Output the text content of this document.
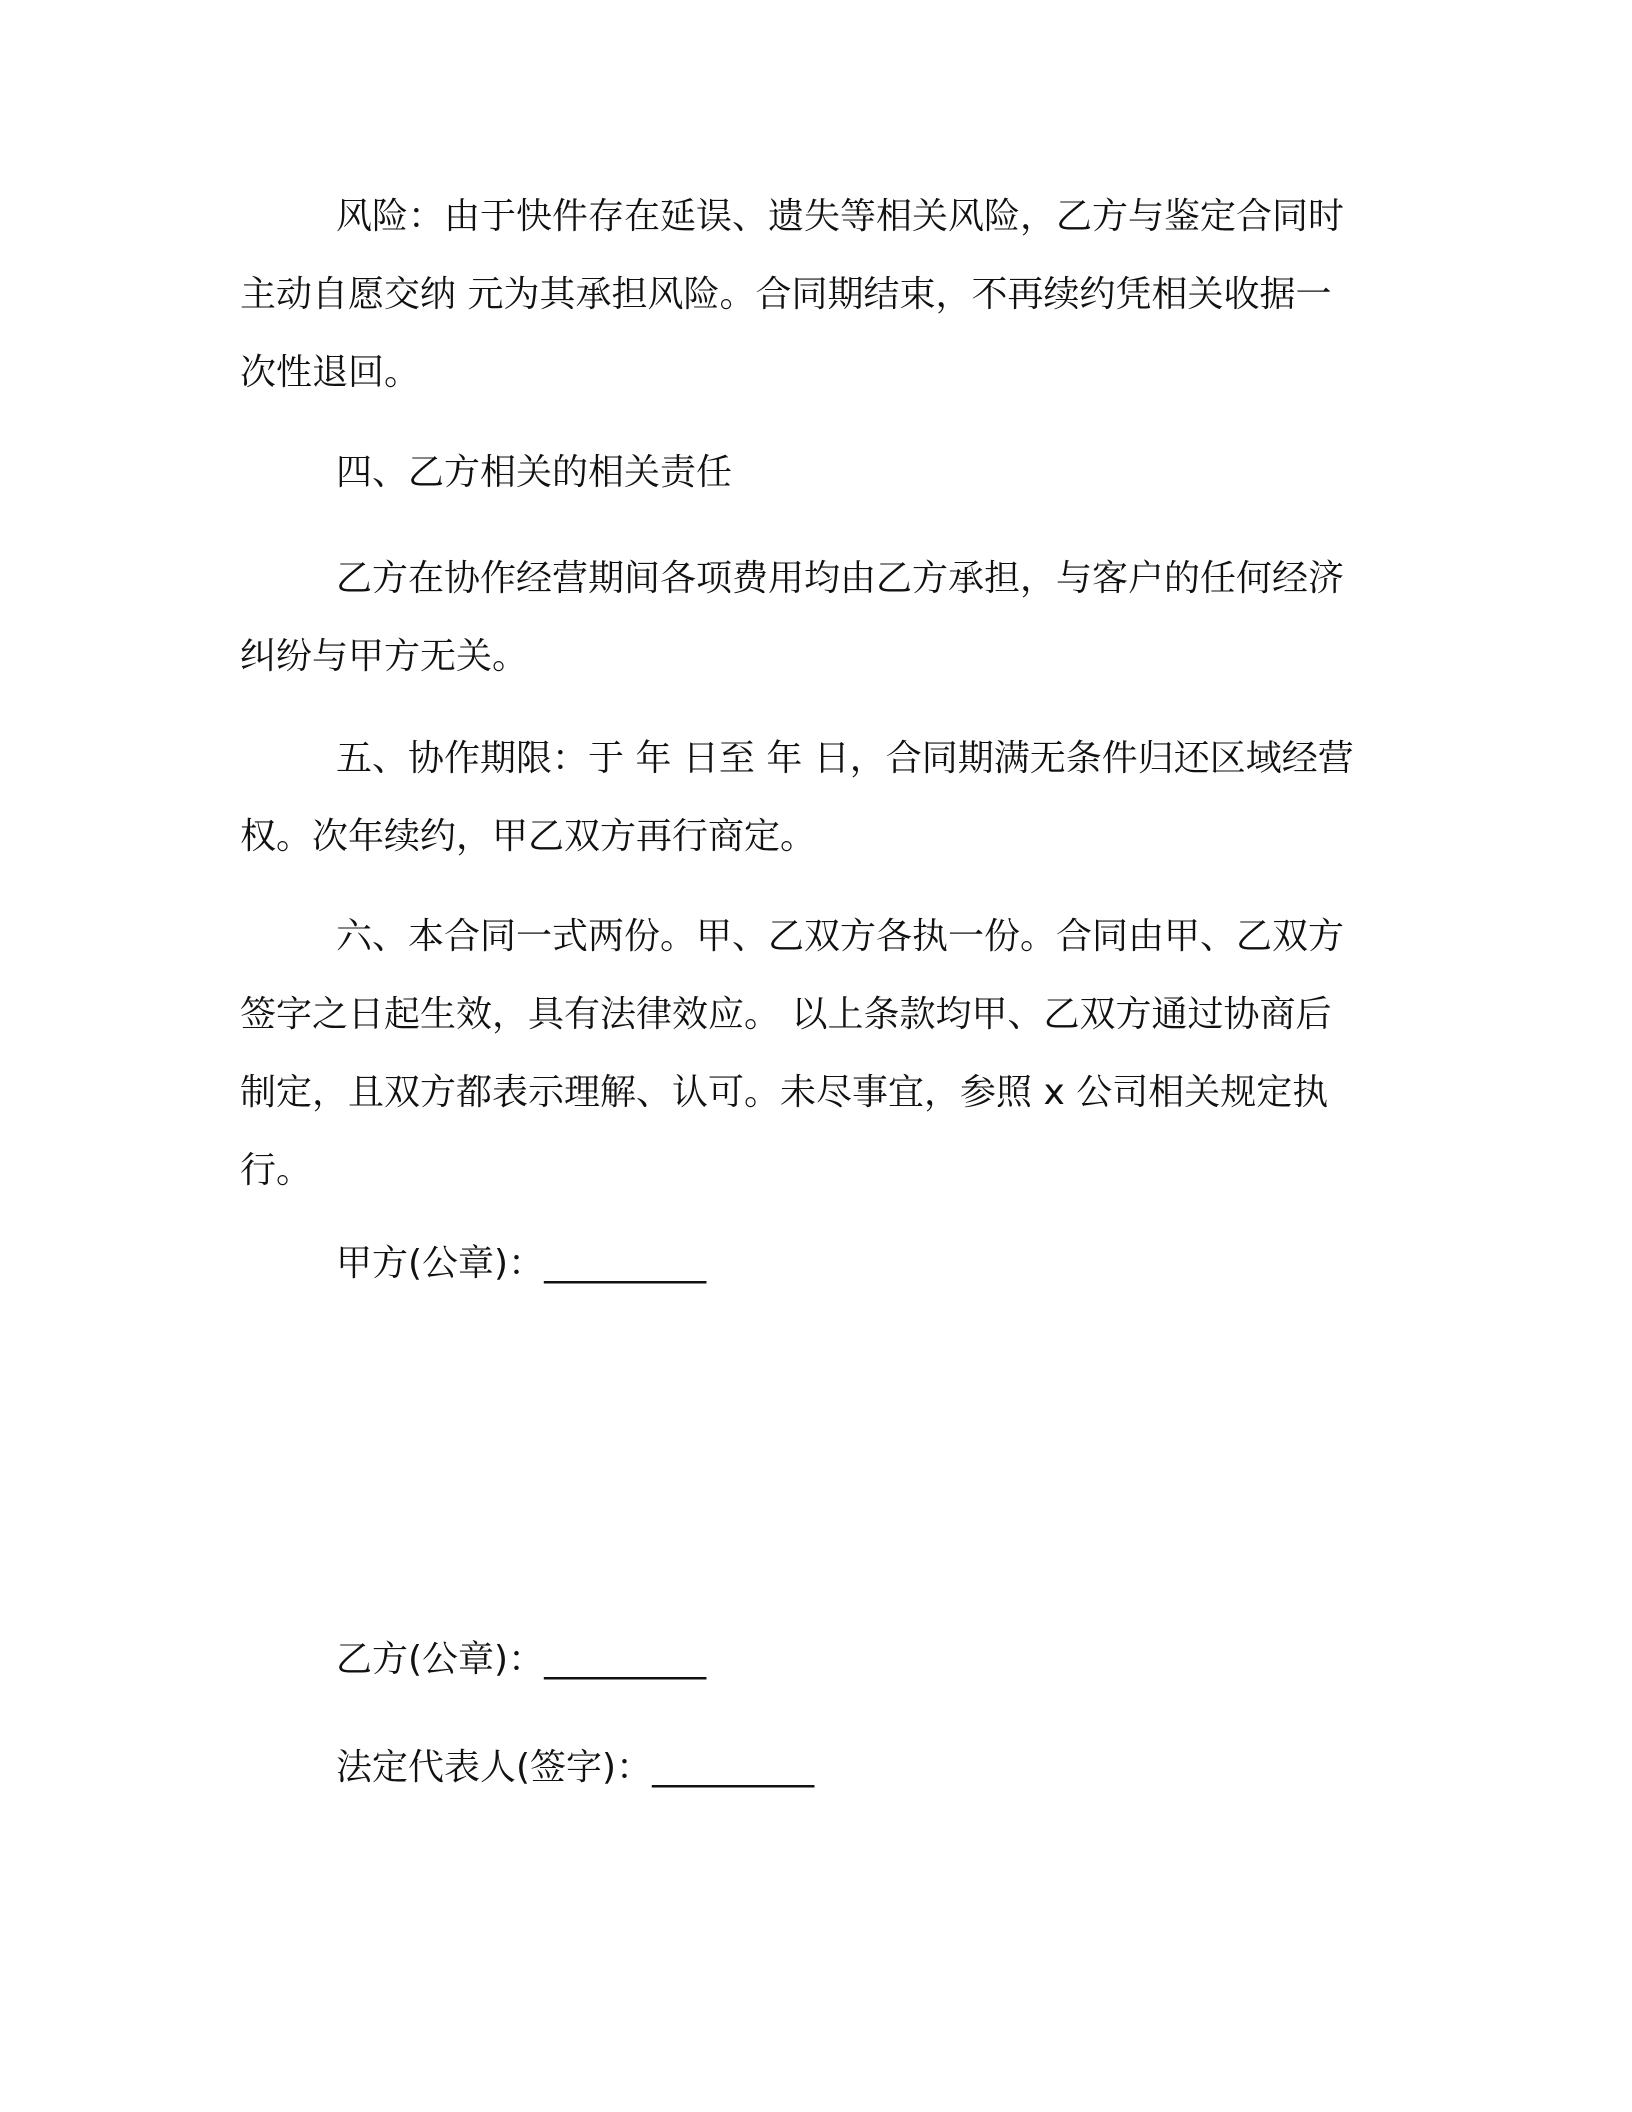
风险：由于快件存在延误、遗失等相关风险，乙方与鉴定合同时
主动自愿交纳 元为其承担风险。合同期结束，不再续约凭相关收据一
次性退回。
四、乙方相关的相关责任
乙方在协作经营期间各项费用均由乙方承担，与客户的任何经济
纠纷与甲方无关。
五、协作期限：于 年 日至 年 日，合同期满无条件归还区域经营
权。次年续约，甲乙双方再行商定。
六、本合同一式两份。甲、乙双方各执一份。合同由甲、乙双方
签字之日起生效，具有法律效应。 以上条款均甲、乙双方通过协商后
制定，且双方都表示理解、认可。未尽事宜，参照 x 公司相关规定执
行。
甲方(公章)：_________
乙方(公章)：_________
法定代表人(签字)：_________
